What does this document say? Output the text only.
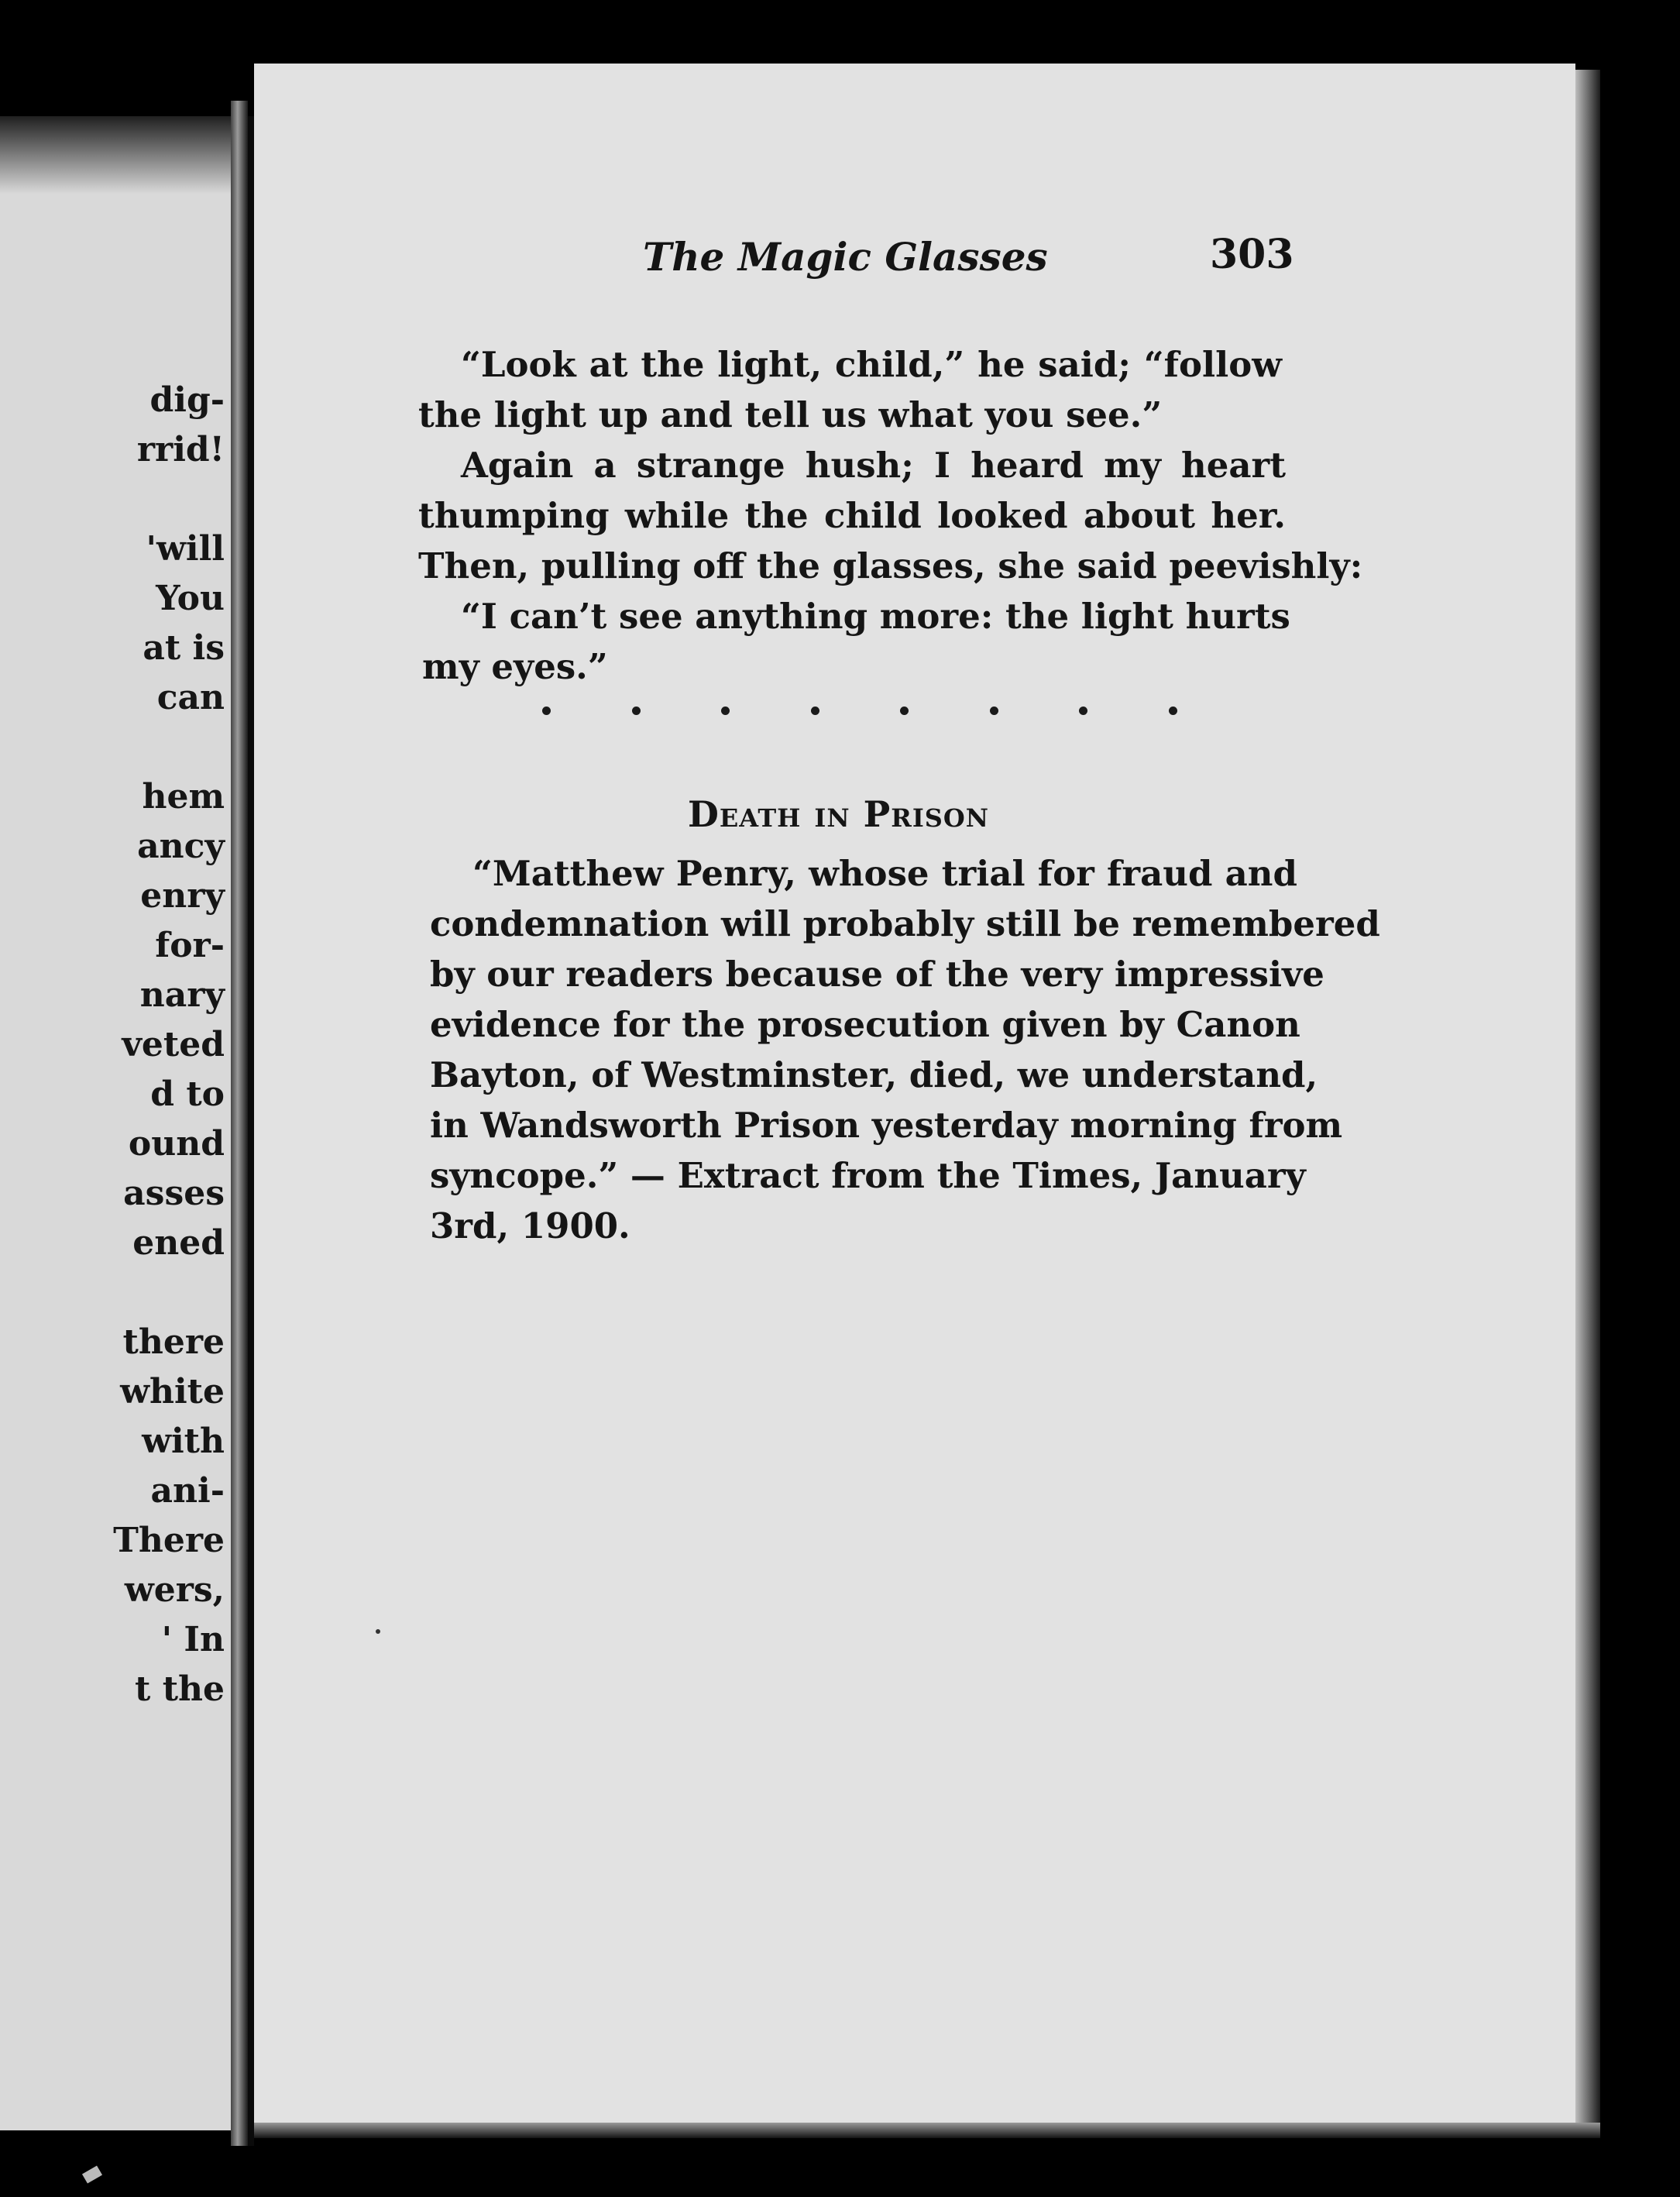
dig-
rrid!
'will
You
at is
can
hem
ancy
enry
for-
nary
veted
d to
ound
asses
ened
there
white
with
ani-
There
wers,
' In
t the
The Magic Glasses	303
“Look at the light, child,” he said; “follow
the light up and tell us what you see.”
Again a strange hush; I heard my heart
thumping while the child looked about her.
Then, pulling off the glasses, she said peevishly:
“I can’t see anything more: the light hurts
my eyes.”
Death in Prison
“Matthew Penry, whose trial for fraud and
condemnation will probably still be remembered
by our readers because of the very impressive
evidence for the prosecution given by Canon
Bayton, of Westminster, died, we understand,
in Wandsworth Prison yesterday morning from
syncope.” — Extract from the Times, January
3rd, 1900.
